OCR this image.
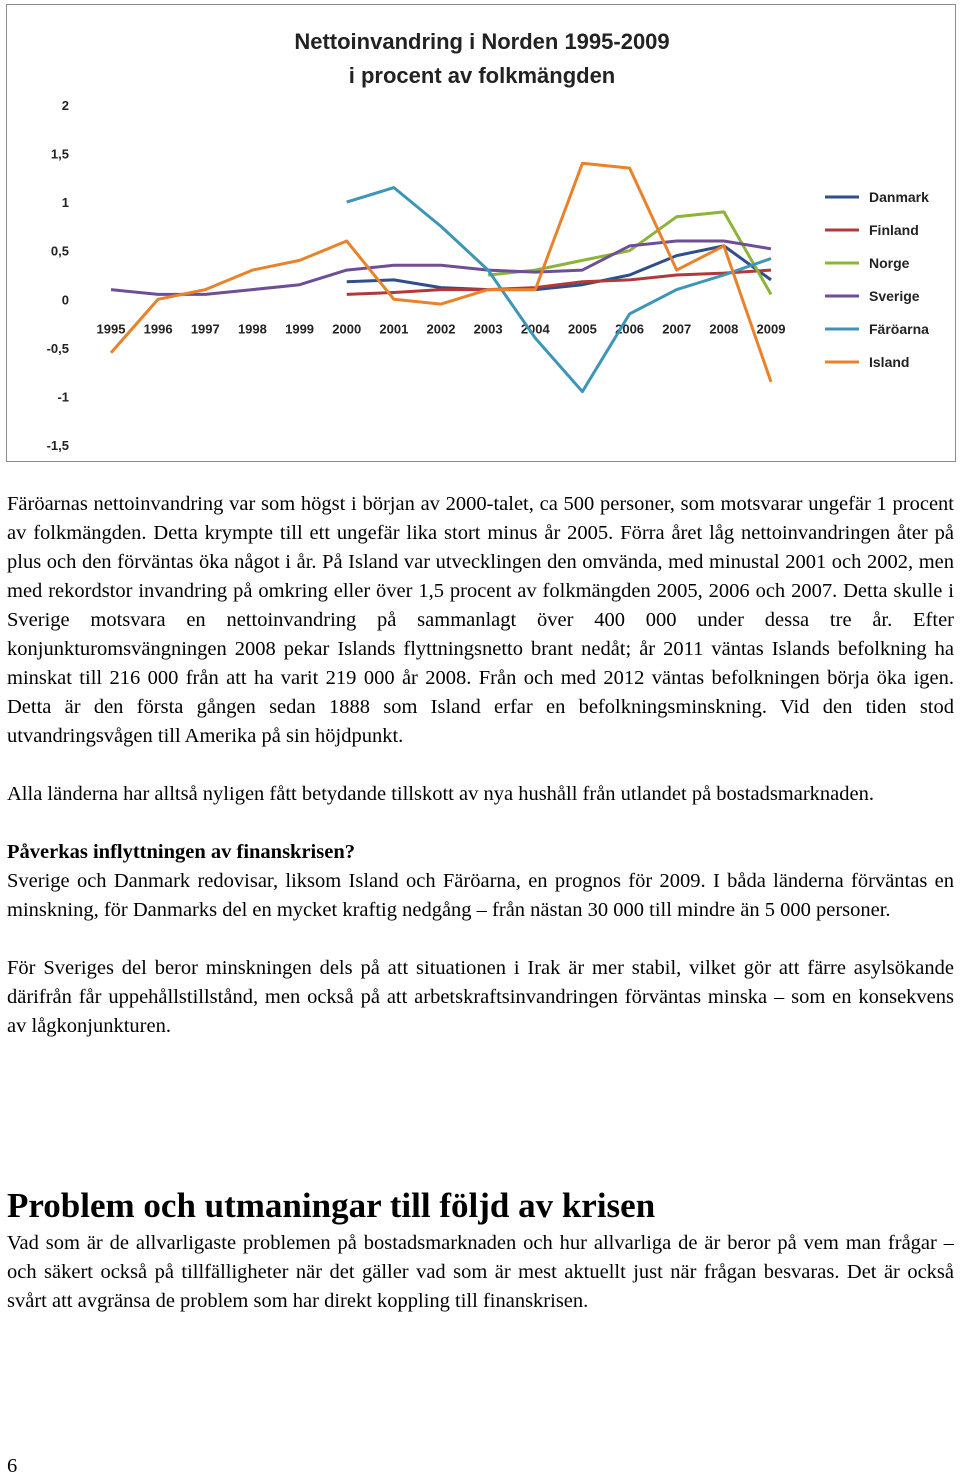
Nettoinvandring i Norden 1995-2009
i procent av folkmängden
2
1,5
1
0,5
0
-0,5
-1
-1,5
1995 1996 1997 1998 1999 2000 2001 2002 2003 2004 2005 2006 2007 2008 2009
Danmark
Finland
Norge
Sverige
Färöarna
Island

Färöarnas nettoinvandring var som högst i början av 2000-talet, ca 500 personer, som motsvarar ungefär 1 procent av folkmängden. Detta krympte till ett ungefär lika stort minus år 2005. Förra året låg nettoinvandringen åter på plus och den förväntas öka något i år. På Island var utvecklingen den omvända, med minustal 2001 och 2002, men med rekordstor invandring på omkring eller över 1,5 procent av folkmängden 2005, 2006 och 2007. Detta skulle i Sverige motsvara en nettoinvandring på sammanlagt över 400 000 under dessa tre år. Efter konjunkturomsvängningen 2008 pekar Islands flyttningsnetto brant nedåt; år 2011 väntas Islands befolkning ha minskat till 216 000 från att ha varit 219 000 år 2008. Från och med 2012 väntas befolkningen börja öka igen. Detta är den första gången sedan 1888 som Island erfar en befolkningsminskning. Vid den tiden stod utvandringsvågen till Amerika på sin höjdpunkt.

Alla länderna har alltså nyligen fått betydande tillskott av nya hushåll från utlandet på bostadsmarknaden.

Påverkas inflyttningen av finanskrisen?

Sverige och Danmark redovisar, liksom Island och Färöarna, en prognos för 2009. I båda länderna förväntas en minskning, för Danmarks del en mycket kraftig nedgång – från nästan 30 000 till mindre än 5 000 personer.

För Sveriges del beror minskningen dels på att situationen i Irak är mer stabil, vilket gör att färre asylsökande därifrån får uppehållstillstånd, men också på att arbetskraftsinvandringen förväntas minska – som en konsekvens av lågkonjunkturen.

Problem och utmaningar till följd av krisen

Vad som är de allvarligaste problemen på bostadsmarknaden och hur allvarliga de är beror på vem man frågar – och säkert också på tillfälligheter när det gäller vad som är mest aktuellt just när frågan besvaras. Det är också svårt att avgränsa de problem som har direkt koppling till finanskrisen.

6
